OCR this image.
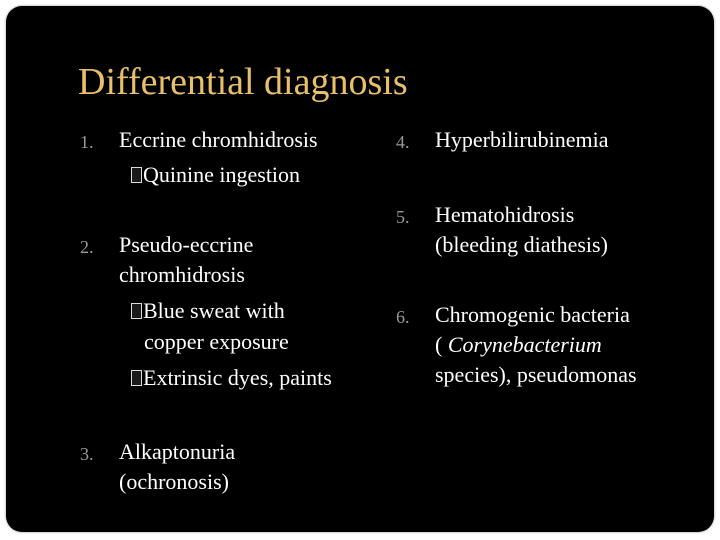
Differential diagnosis
1. Eccrine chromhidrosis
Quinine ingestion
2. Pseudo-eccrine
chromhidrosis
Blue sweat with
copper exposure
Extrinsic dyes, paints
3. Alkaptonuria
(ochronosis)
4. Hyperbilirubinemia
5. Hematohidrosis
(bleeding diathesis)
6. Chromogenic bacteria
( Corynebacterium
species), pseudomonas
